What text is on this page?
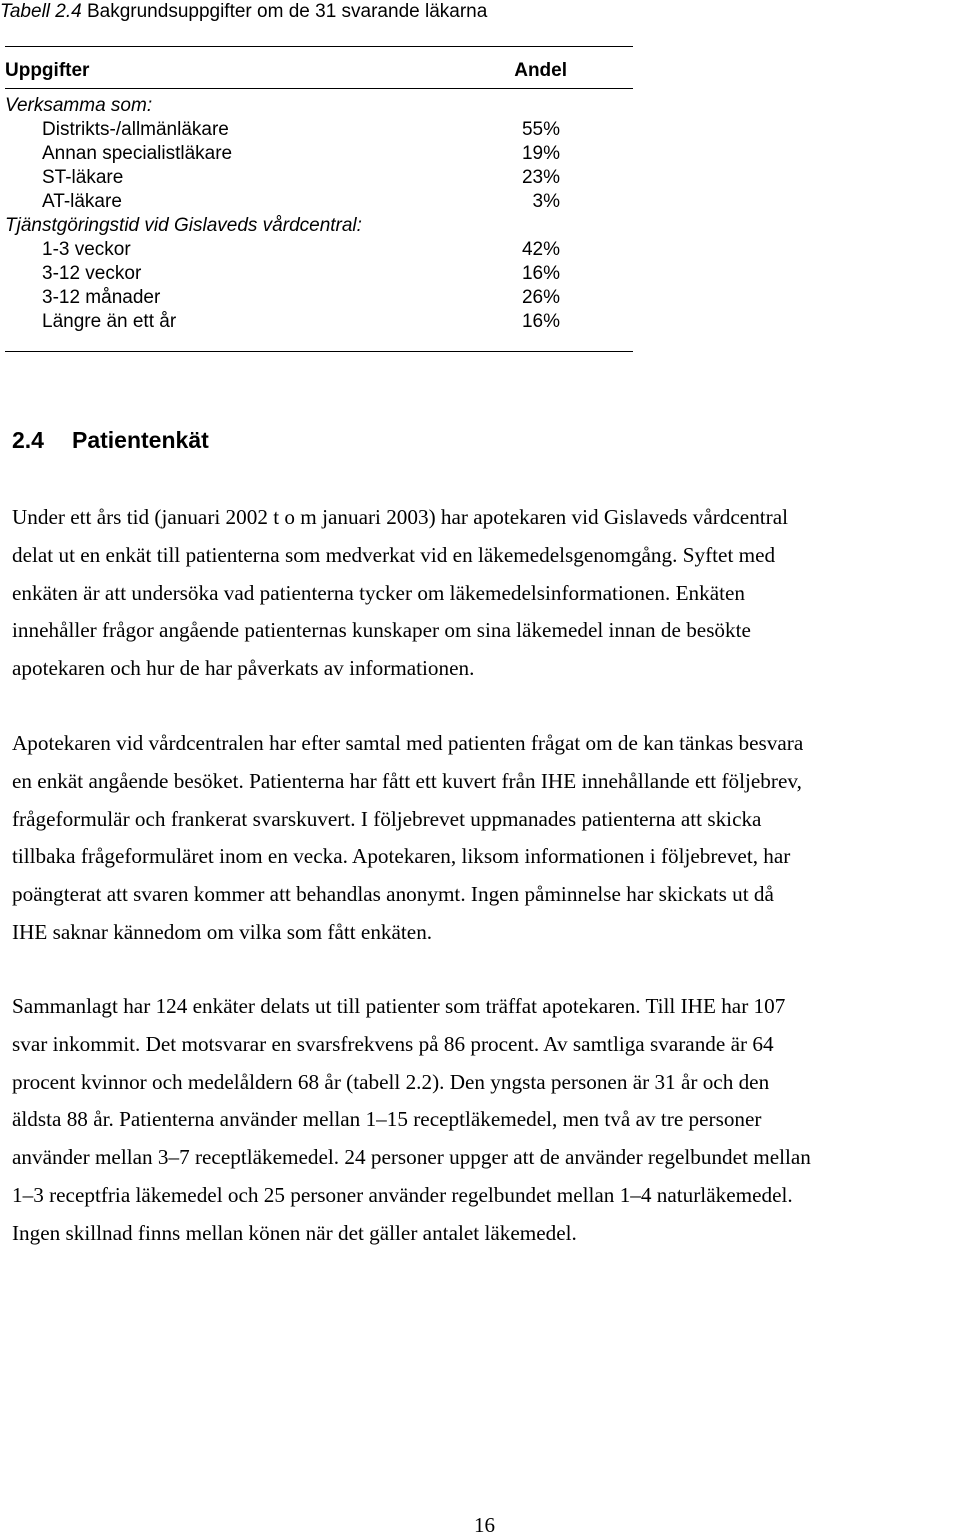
Tabell 2.4 Bakgrundsuppgifter om de 31 svarande läkarna
Uppgifter	Andel
Verksamma som:
Distrikts-/allmänläkare	55%
Annan specialistläkare	19%
ST-läkare	23%
AT-läkare	3%
Tjänstgöringstid vid Gislaveds vårdcentral:
1-3 veckor	42%
3-12 veckor	16%
3-12 månader	26%
Längre än ett år	16%
2.4 Patientenkät

Under ett års tid (januari 2002 t o m januari 2003) har apotekaren vid Gislaveds vårdcentral
delat ut en enkät till patienterna som medverkat vid en läkemedelsgenomgång. Syftet med
enkäten är att undersöka vad patienterna tycker om läkemedelsinformationen. Enkäten
innehåller frågor angående patienternas kunskaper om sina läkemedel innan de besökte
apotekaren och hur de har påverkats av informationen.

Apotekaren vid vårdcentralen har efter samtal med patienten frågat om de kan tänkas besvara
en enkät angående besöket. Patienterna har fått ett kuvert från IHE innehållande ett följebrev,
frågeformulär och frankerat svarskuvert. I följebrevet uppmanades patienterna att skicka
tillbaka frågeformuläret inom en vecka. Apotekaren, liksom informationen i följebrevet, har
poängterat att svaren kommer att behandlas anonymt. Ingen påminnelse har skickats ut då
IHE saknar kännedom om vilka som fått enkäten.

Sammanlagt har 124 enkäter delats ut till patienter som träffat apotekaren. Till IHE har 107
svar inkommit. Det motsvarar en svarsfrekvens på 86 procent. Av samtliga svarande är 64
procent kvinnor och medelåldern 68 år (tabell 2.2). Den yngsta personen är 31 år och den
äldsta 88 år. Patienterna använder mellan 1–15 receptläkemedel, men två av tre personer
använder mellan 3–7 receptläkemedel. 24 personer uppger att de använder regelbundet mellan
1–3 receptfria läkemedel och 25 personer använder regelbundet mellan 1–4 naturläkemedel.
Ingen skillnad finns mellan könen när det gäller antalet läkemedel.

16
